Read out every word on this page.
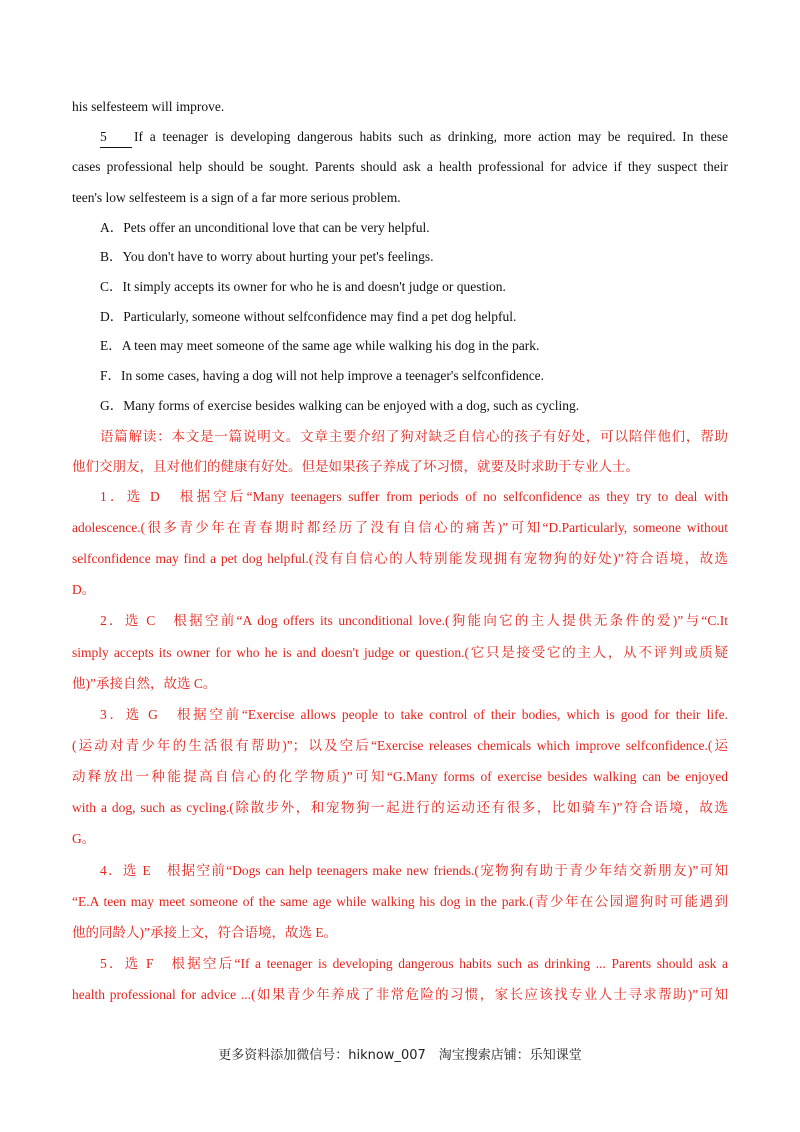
his selfesteem will improve.
5 If a teenager is developing dangerous habits such as drinking, more action may be required. In these
cases professional help should be sought. Parents should ask a health professional for advice if they suspect their
teen's low selfesteem is a sign of a far more serious problem.
A．Pets offer an unconditional love that can be very helpful.
B．You don't have to worry about hurting your pet's feelings.
C．It simply accepts its owner for who he is and doesn't judge or question.
D．Particularly, someone without selfconfidence may find a pet dog helpful.
E．A teen may meet someone of the same age while walking his dog in the park.
F．In some cases, having a dog will not help improve a teenager's selfconfidence.
G．Many forms of exercise besides walking can be enjoyed with a dog, such as cycling.
语篇解读：本文是一篇说明文。文章主要介绍了狗对缺乏自信心的孩子有好处，可以陪伴他们，帮助
他们交朋友，且对他们的健康有好处。但是如果孩子养成了坏习惯，就要及时求助于专业人士。
1．选 D　根据空后“Many teenagers suffer from periods of no selfconfidence as they try to deal with
adolescence.(很多青少年在青春期时都经历了没有自信心的痛苦)”可知“D.Particularly, someone without
selfconfidence may find a pet dog helpful.(没有自信心的人特别能发现拥有宠物狗的好处)”符合语境，故选
D。
2．选 C　根据空前“A dog offers its unconditional love.(狗能向它的主人提供无条件的爱)”与“C.It
simply accepts its owner for who he is and doesn't judge or question.(它只是接受它的主人，从不评判或质疑
他)”承接自然，故选 C。
3．选 G　根据空前“Exercise allows people to take control of their bodies, which is good for their life.
(运动对青少年的生活很有帮助)”；以及空后“Exercise releases chemicals which improve selfconfidence.(运
动释放出一种能提高自信心的化学物质)”可知“G.Many forms of exercise besides walking can be enjoyed
with a dog, such as cycling.(除散步外，和宠物狗一起进行的运动还有很多，比如骑车)”符合语境，故选
G。
4．选 E　根据空前“Dogs can help teenagers make new friends.(宠物狗有助于青少年结交新朋友)”可知
“E.A teen may meet someone of the same age while walking his dog in the park.(青少年在公园遛狗时可能遇到
他的同龄人)”承接上文，符合语境，故选 E。
5．选 F　根据空后“If a teenager is developing dangerous habits such as drinking ... Parents should ask a
health professional for advice ...(如果青少年养成了非常危险的习惯，家长应该找专业人士寻求帮助)”可知
更多资料添加微信号：hiknow_007　淘宝搜索店铺：乐知课堂
